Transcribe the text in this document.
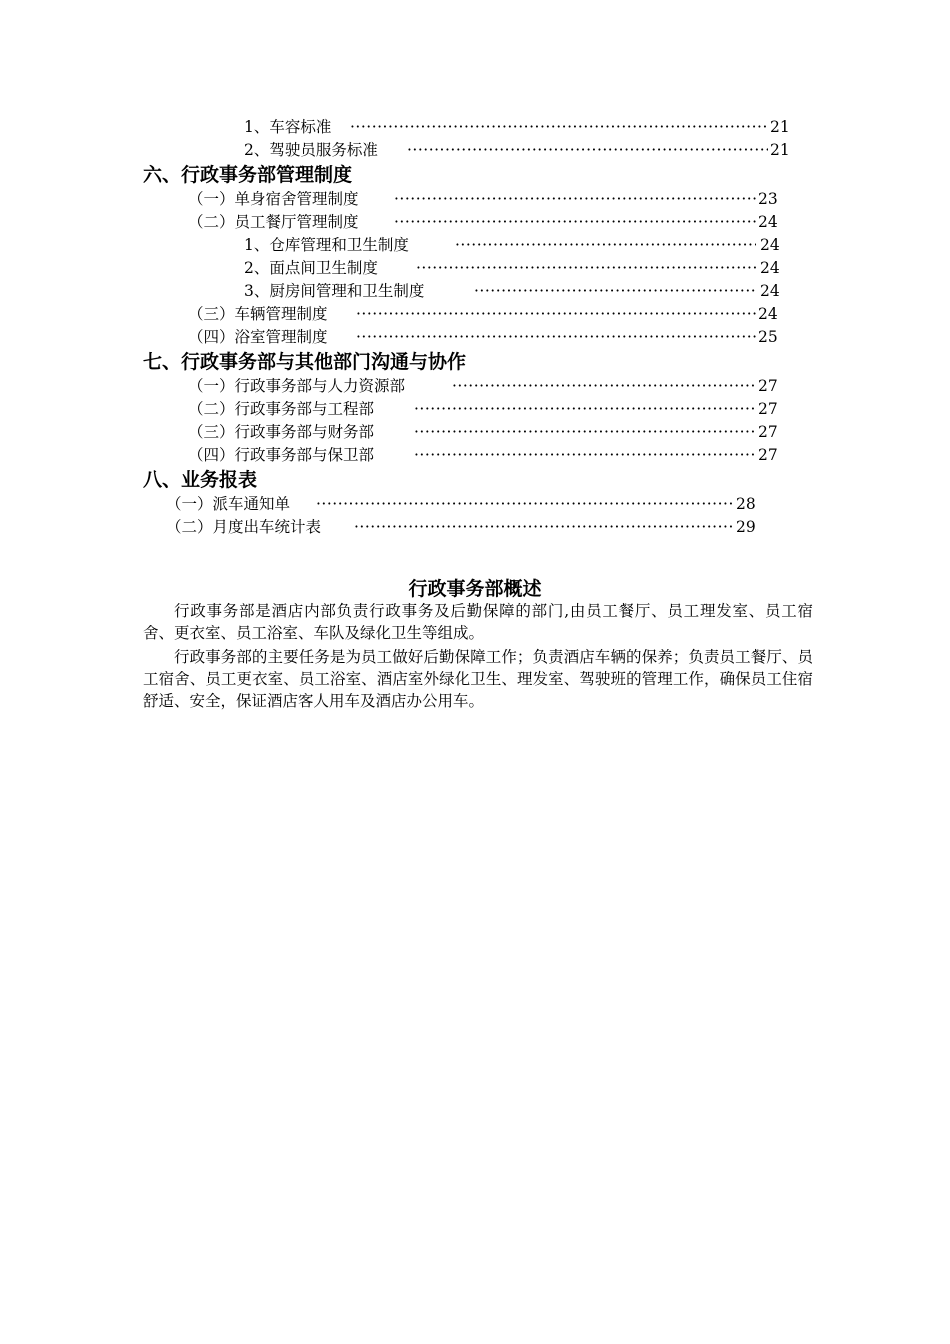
1、车容标准 ·····	21
2、驾驶员服务标准 ·····	21
六、行政事务部管理制度
（一）单身宿舍管理制度 ·····	23
（二）员工餐厅管理制度 ·····	24
1、仓库管理和卫生制度 ·····	24
2、面点间卫生制度 ·····	24
3、厨房间管理和卫生制度 ·····	24
（三）车辆管理制度 ·····	24
（四）浴室管理制度 ·····	25
七、行政事务部与其他部门沟通与协作
（一）行政事务部与人力资源部 ·····	27
（二）行政事务部与工程部 ·····	27
（三）行政事务部与财务部 ·····	27
（四）行政事务部与保卫部 ·····	27
八、业务报表
（一）派车通知单 ·····	28
（二）月度出车统计表 ·····	29
行政事务部概述

行政事务部是酒店内部负责行政事务及后勤保障的部门,由员工餐厅、员工理发室、员工宿舍、更衣室、员工浴室、车队及绿化卫生等组成。

行政事务部的主要任务是为员工做好后勤保障工作；负责酒店车辆的保养；负责员工餐厅、员工宿舍、员工更衣室、员工浴室、酒店室外绿化卫生、理发室、驾驶班的管理工作，确保员工住宿舒适、安全，保证酒店客人用车及酒店办公用车。
